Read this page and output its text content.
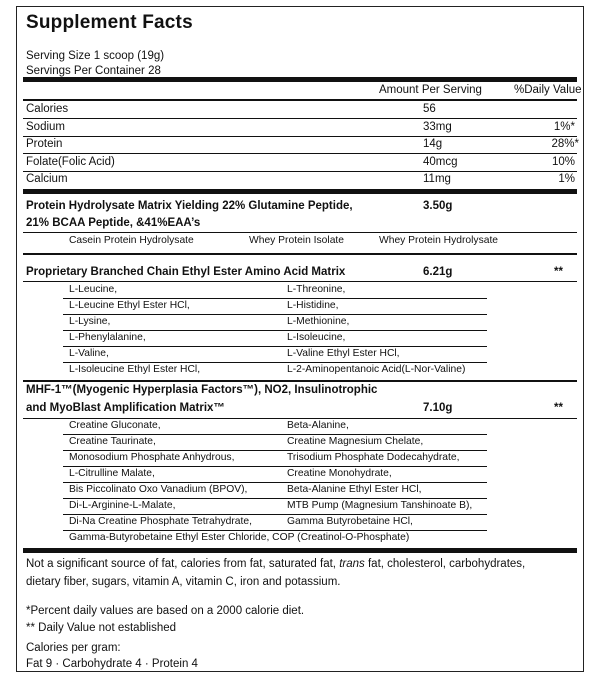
Supplement Facts
Serving Size 1 scoop (19g)
Servings Per Container 28
Amount Per Serving	%Daily Value
Calories	56
Sodium	33mg	1%*
Protein	14g	28%*
Folate(Folic Acid)	40mcg	10%
Calcium	11mg	1%
Protein Hydrolysate Matrix Yielding 22% Glutamine Peptide,	3.50g
21% BCAA Peptide, &41%EAA’s
Casein Protein Hydrolysate	Whey Protein Isolate	Whey Protein Hydrolysate
Proprietary Branched Chain Ethyl Ester Amino Acid Matrix	6.21g	**
L-Leucine,	L-Threonine,
L-Leucine Ethyl Ester HCl,	L-Histidine,
L-Lysine,	L-Methionine,
L-Phenylalanine,	L-Isoleucine,
L-Valine,	L-Valine Ethyl Ester HCl,
L-Isoleucine Ethyl Ester HCl,	L-2-Aminopentanoic Acid(L-Nor-Valine)
MHF-1™(Myogenic Hyperplasia Factors™), NO2, Insulinotrophic
and MyoBlast Amplification Matrix™	7.10g	**
Creatine Gluconate,	Beta-Alanine,
Creatine Taurinate,	Creatine Magnesium Chelate,
Monosodium Phosphate Anhydrous,	Trisodium Phosphate Dodecahydrate,
L-Citrulline Malate,	Creatine Monohydrate,
Bis Piccolinato Oxo Vanadium (BPOV),	Beta-Alanine Ethyl Ester HCl,
Di-L-Arginine-L-Malate,	MTB Pump (Magnesium Tanshinoate B),
Di-Na Creatine Phosphate Tetrahydrate,	Gamma Butyrobetaine HCl,
Gamma-Butyrobetaine Ethyl Ester Chloride, COP (Creatinol-O-Phosphate)
Not a significant source of fat, calories from fat, saturated fat, trans fat, cholesterol, carbohydrates,
dietary fiber, sugars, vitamin A, vitamin C, iron and potassium.
*Percent daily values are based on a 2000 calorie diet.
** Daily Value not established
Calories per gram:
Fat 9 · Carbohydrate 4 · Protein 4
